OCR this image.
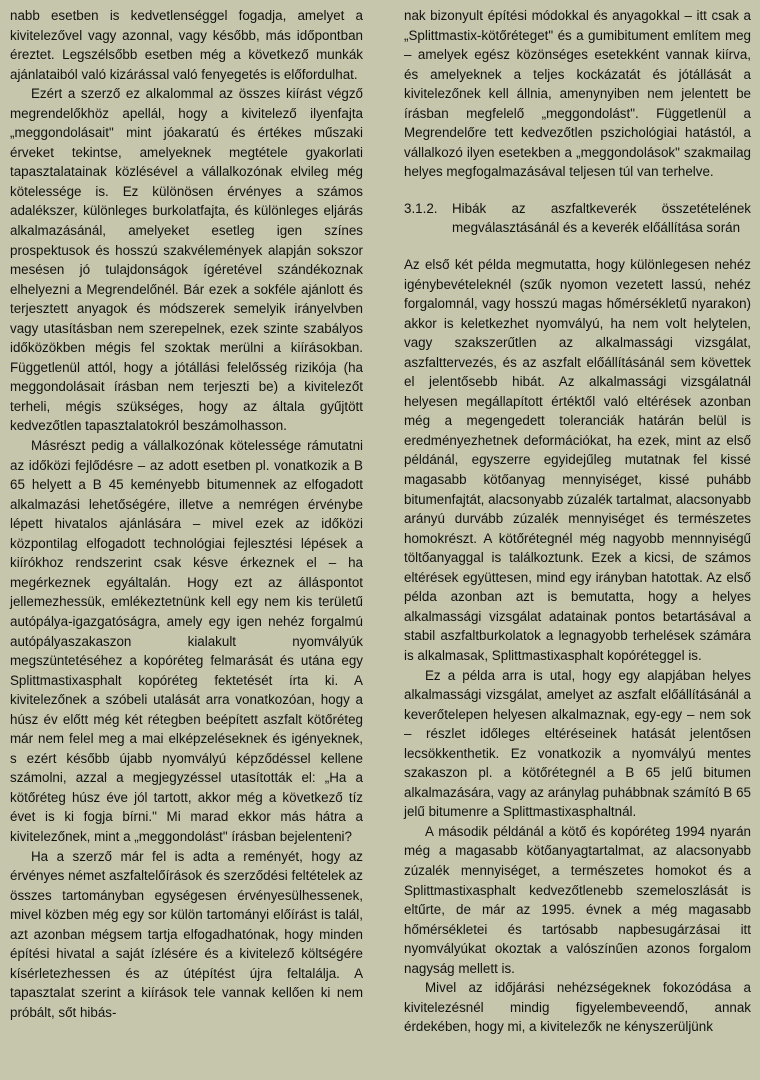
nabb esetben is kedvetlenséggel fogadja, amelyet a kivitelezővel vagy azonnal, vagy később, más időpontban éreztet. Legszélsőbb esetben még a következő munkák ajánlataiból való kizárással való fenyegetés is előfordulhat.

Ezért a szerző ez alkalommal az összes kiírást végző megrendelőkhöz apellál, hogy a kivitelező ilyenfajta „meggondolásait" mint jóakaratú és értékes műszaki érveket tekintse, amelyeknek megtétele gyakorlati tapasztalatainak közlésével a vállalkozónak elvileg még kötelessége is. Ez különösen érvényes a számos adalékszer, különleges burkolatfajta, és különleges eljárás alkalmazásánál, amelyeket esetleg igen színes prospektusok és hosszú szakvélemények alapján sokszor mesésen jó tulajdonságok ígéretével szándékoznak elhelyezni a Megrendelőnél. Bár ezek a sokféle ajánlott és terjesztett anyagok és módszerek semelyik irányelvben vagy utasításban nem szerepelnek, ezek szinte szabályos időközökben mégis fel szoktak merülni a kiírásokban. Függetlenül attól, hogy a jótállási felelősség rizikója (ha meggondolásait írásban nem terjeszti be) a kivitelezőt terheli, mégis szükséges, hogy az általa gyűjtött kedvezőtlen tapasztalatokról beszámolhasson.

Másrészt pedig a vállalkozónak kötelessége rámutatni az időközi fejlődésre – az adott esetben pl. vonatkozik a B 65 helyett a B 45 keményebb bitumennek az elfogadott alkalmazási lehetőségére, illetve a nemrégen érvénybe lépett hivatalos ajánlására – mivel ezek az időközi központilag elfogadott technológiai fejlesztési lépések a kiírókhoz rendszerint csak késve érkeznek el – ha megérkeznek egyáltalán. Hogy ezt az álláspontot jellemezhessük, emlékeztetnünk kell egy nem kis területű autópálya-igazgatóságra, amely egy igen nehéz forgalmú autópályaszakaszon kialakult nyomvályúk megszüntetéséhez a kopóréteg felmarását és utána egy Splittmastixasphalt kopóréteg fektetését írta ki. A kivitelezőnek a szóbeli utalását arra vonatkozóan, hogy a húsz év előtt még két rétegben beépített aszfalt kötőréteg már nem felel meg a mai elképzeléseknek és igényeknek, s ezért később újabb nyomvályú képződéssel kellene számolni, azzal a megjegyzéssel utasították el: „Ha a kötőréteg húsz éve jól tartott, akkor még a következő tíz évet is ki fogja bírni." Mi marad ekkor más hátra a kivitelezőnek, mint a „meggondolást" írásban bejelenteni?

Ha a szerző már fel is adta a reményét, hogy az érvényes német aszfaltelőírások és szerződési feltételek az összes tartományban egységesen érvényesülhessenek, mivel közben még egy sor külön tartományi előírást is talál, azt azonban mégsem tartja elfogadhatónak, hogy minden építési hivatal a saját ízlésére és a kivitelező költségére kísérletezhessen és az útépítést újra feltalálja. A tapasztalat szerint a kiírások tele vannak kellően ki nem próbált, sőt hibás-

nak bizonyult építési módokkal és anyagokkal – itt csak a „Splittmastix-kötőréteget" és a gumibitument említem meg – amelyek egész közönséges esetekként vannak kiírva, és amelyeknek a teljes kockázatát és jótállását a kivitelezőnek kell állnia, amenynyiben nem jelentett be írásban megfelelő „meggondolást". Függetlenül a Megrendelőre tett kedvezőtlen pszichológiai hatástól, a vállalkozó ilyen esetekben a „meggondolások" szakmailag helyes megfogalmazásával teljesen túl van terhelve.

3.1.2.	Hibák az aszfaltkeverék összetételének megválasztásánál és a keverék előállítása során

Az első két példa megmutatta, hogy különlegesen nehéz igénybevételeknél (szűk nyomon vezetett lassú, nehéz forgalomnál, vagy hosszú magas hőmérsékletű nyarakon) akkor is keletkezhet nyomvályú, ha nem volt helytelen, vagy szakszerűtlen az alkalmassági vizsgálat, aszfalttervezés, és az aszfalt előállításánál sem követtek el jelentősebb hibát. Az alkalmassági vizsgálatnál helyesen megállapított értéktől való eltérések azonban még a megengedett toleranciák határán belül is eredményezhetnek deformációkat, ha ezek, mint az első példánál, egyszerre egyidejűleg mutatnak fel kissé magasabb kötőanyag mennyiséget, kissé puhább bitumenfajtát, alacsonyabb zúzalék tartalmat, alacsonyabb arányú durvább zúzalék mennyiséget és természetes homokrészt. A kötőrétegnél még nagyobb mennnyiségű töltőanyaggal is találkoztunk. Ezek a kicsi, de számos eltérések együttesen, mind egy irányban hatottak. Az első példa azonban azt is bemutatta, hogy a helyes alkalmassági vizsgálat adatainak pontos betartásával a stabil aszfaltburkolatok a legnagyobb terhelések számára is alkalmasak, Splittmastixasphalt kopóréteggel is.

Ez a példa arra is utal, hogy egy alapjában helyes alkalmassági vizsgálat, amelyet az aszfalt előállításánál a keverőtelepen helyesen alkalmaznak, egy-egy – nem sok – részlet időleges eltéréseinek hatását jelentősen lecsökkenthetik. Ez vonatkozik a nyomvályú mentes szakaszon pl. a kötőrétegnél a B 65 jelű bitumen alkalmazására, vagy az aránylag puhábbnak számító B 65 jelű bitumenre a Splittmastixasphaltnál.

A második példánál a kötő és kopóréteg 1994 nyarán még a magasabb kötőanyagtartalmat, az alacsonyabb zúzalék mennyiséget, a természetes homokot és a Splittmastixasphalt kedvezőtlenebb szemeloszlását is eltűrte, de már az 1995. évnek a még magasabb hőmérsékletei és tartósabb napbesugárzásai itt nyomvályúkat okoztak a valószínűen azonos forgalom nagyság mellett is.

Mivel az időjárási nehézségeknek fokozódása a kivitelezésnél mindig figyelembeveendő, annak érdekében, hogy mi, a kivitelezők ne kényszerüljünk
